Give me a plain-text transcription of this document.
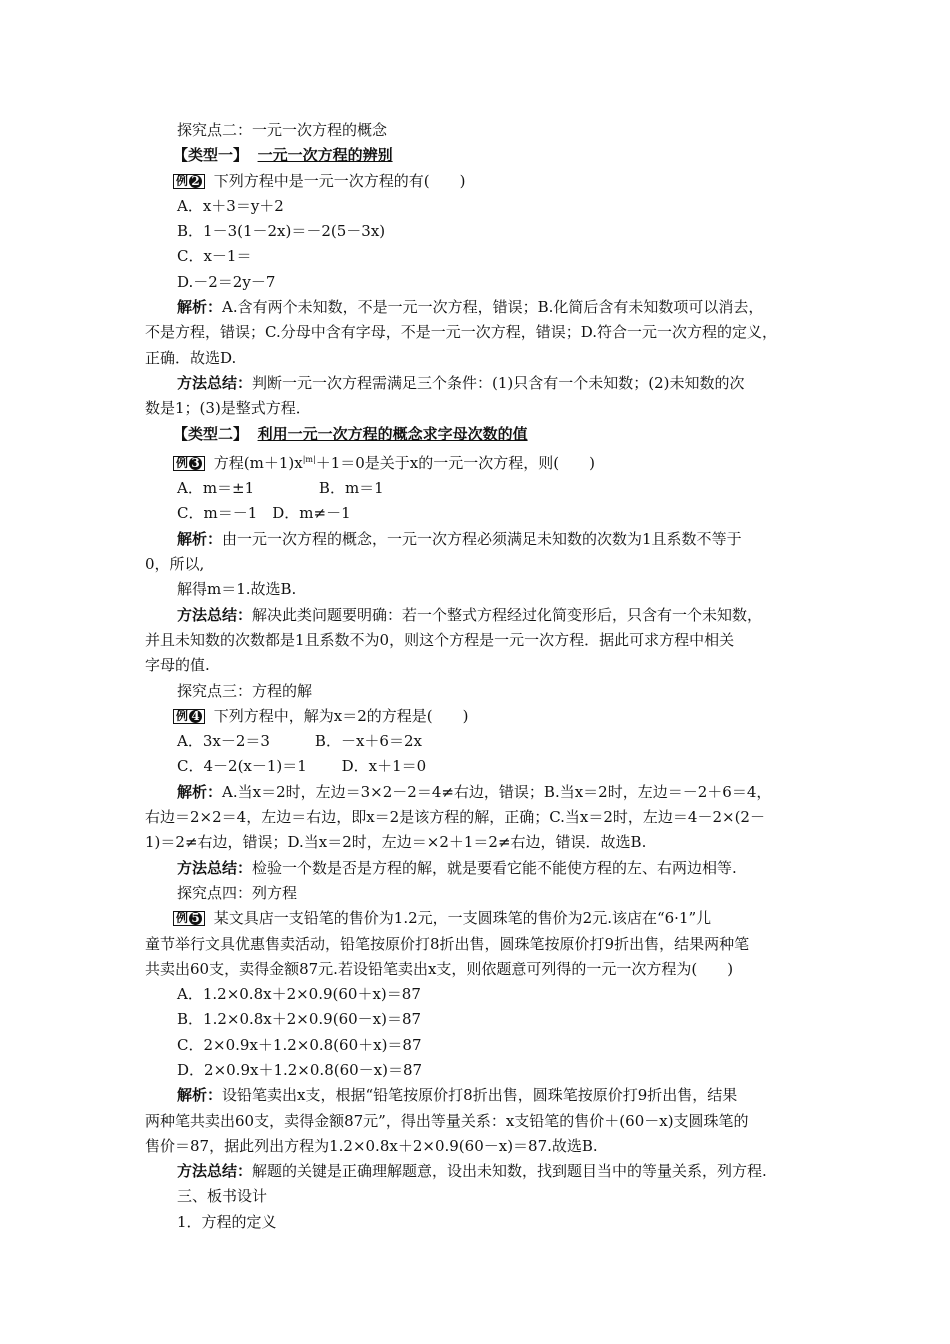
探究点二：一元一次方程的概念

【类型一】 一元一次方程的辨别

例 2 下列方程中是一元一次方程的有(　　)

A．x＋3＝y＋2

B．1－3(1－2x)＝－2(5－3x)

C．x－1＝

D.－2＝2y－7

解析：A.含有两个未知数，不是一元一次方程，错误；B.化简后含有未知数项可以消去，

不是方程，错误；C.分母中含有字母，不是一元一次方程，错误；D.符合一元一次方程的定义，

正确．故选D.

方法总结：判断一元一次方程需满足三个条件：(1)只含有一个未知数；(2)未知数的次

数是1；(3)是整式方程．

【类型二】 利用一元一次方程的概念求字母次数的值

例 3 方程$(m+1)x^{|m|}+1=0$是关于x的一元一次方程，则(　　)

A．m＝±1　　　　 B．m＝1

C．m＝－1　D．m≠－1

解析：由一元一次方程的概念，一元一次方程必须满足未知数的次数为1且系数不等于

0，所以,

解得m＝1.故选B.

方法总结：解决此类问题要明确：若一个整式方程经过化简变形后，只含有一个未知数，

并且未知数的次数都是1且系数不为0，则这个方程是一元一次方程．据此可求方程中相关

字母的值.

探究点三：方程的解

例 4 下列方程中，解为x＝2的方程是(　　)

A．3x－2＝3　　　B．－x＋6＝2x

C．4－2(x－1)＝1　　 D．x＋1＝0

解析：A.当x＝2时，左边＝3×2－2＝4≠右边，错误；B.当x＝2时，左边＝－2＋6＝4，

右边＝2×2＝4，左边＝右边，即x＝2是该方程的解，正确；C.当x＝2时，左边＝4－2×(2－

1)＝2≠右边，错误；D.当x＝2时，左边＝×2＋1＝2≠右边，错误．故选B.

方法总结：检验一个数是否是方程的解，就是要看它能不能使方程的左、右两边相等.

探究点四：列方程

例 5 某文具店一支铅笔的售价为1.2元，一支圆珠笔的售价为2元.该店在“6·1”儿

童节举行文具优惠售卖活动，铅笔按原价打8折出售，圆珠笔按原价打9折出售，结果两种笔

共卖出60支，卖得金额87元.若设铅笔卖出x支，则依题意可列得的一元一次方程为(　　)

A．1.2×0.8x＋2×0.9(60＋x)＝87

B．1.2×0.8x＋2×0.9(60－x)＝87

C．2×0.9x＋1.2×0.8(60＋x)＝87

D．2×0.9x＋1.2×0.8(60－x)＝87

解析：设铅笔卖出x支，根据“铅笔按原价打8折出售，圆珠笔按原价打9折出售，结果

两种笔共卖出60支，卖得金额87元”，得出等量关系：x支铅笔的售价＋(60－x)支圆珠笔的

售价＝87，据此列出方程为1.2×0.8x＋2×0.9(60－x)＝87.故选B.

方法总结：解题的关键是正确理解题意，设出未知数，找到题目当中的等量关系，列方程.

三、板书设计

1．方程的定义
